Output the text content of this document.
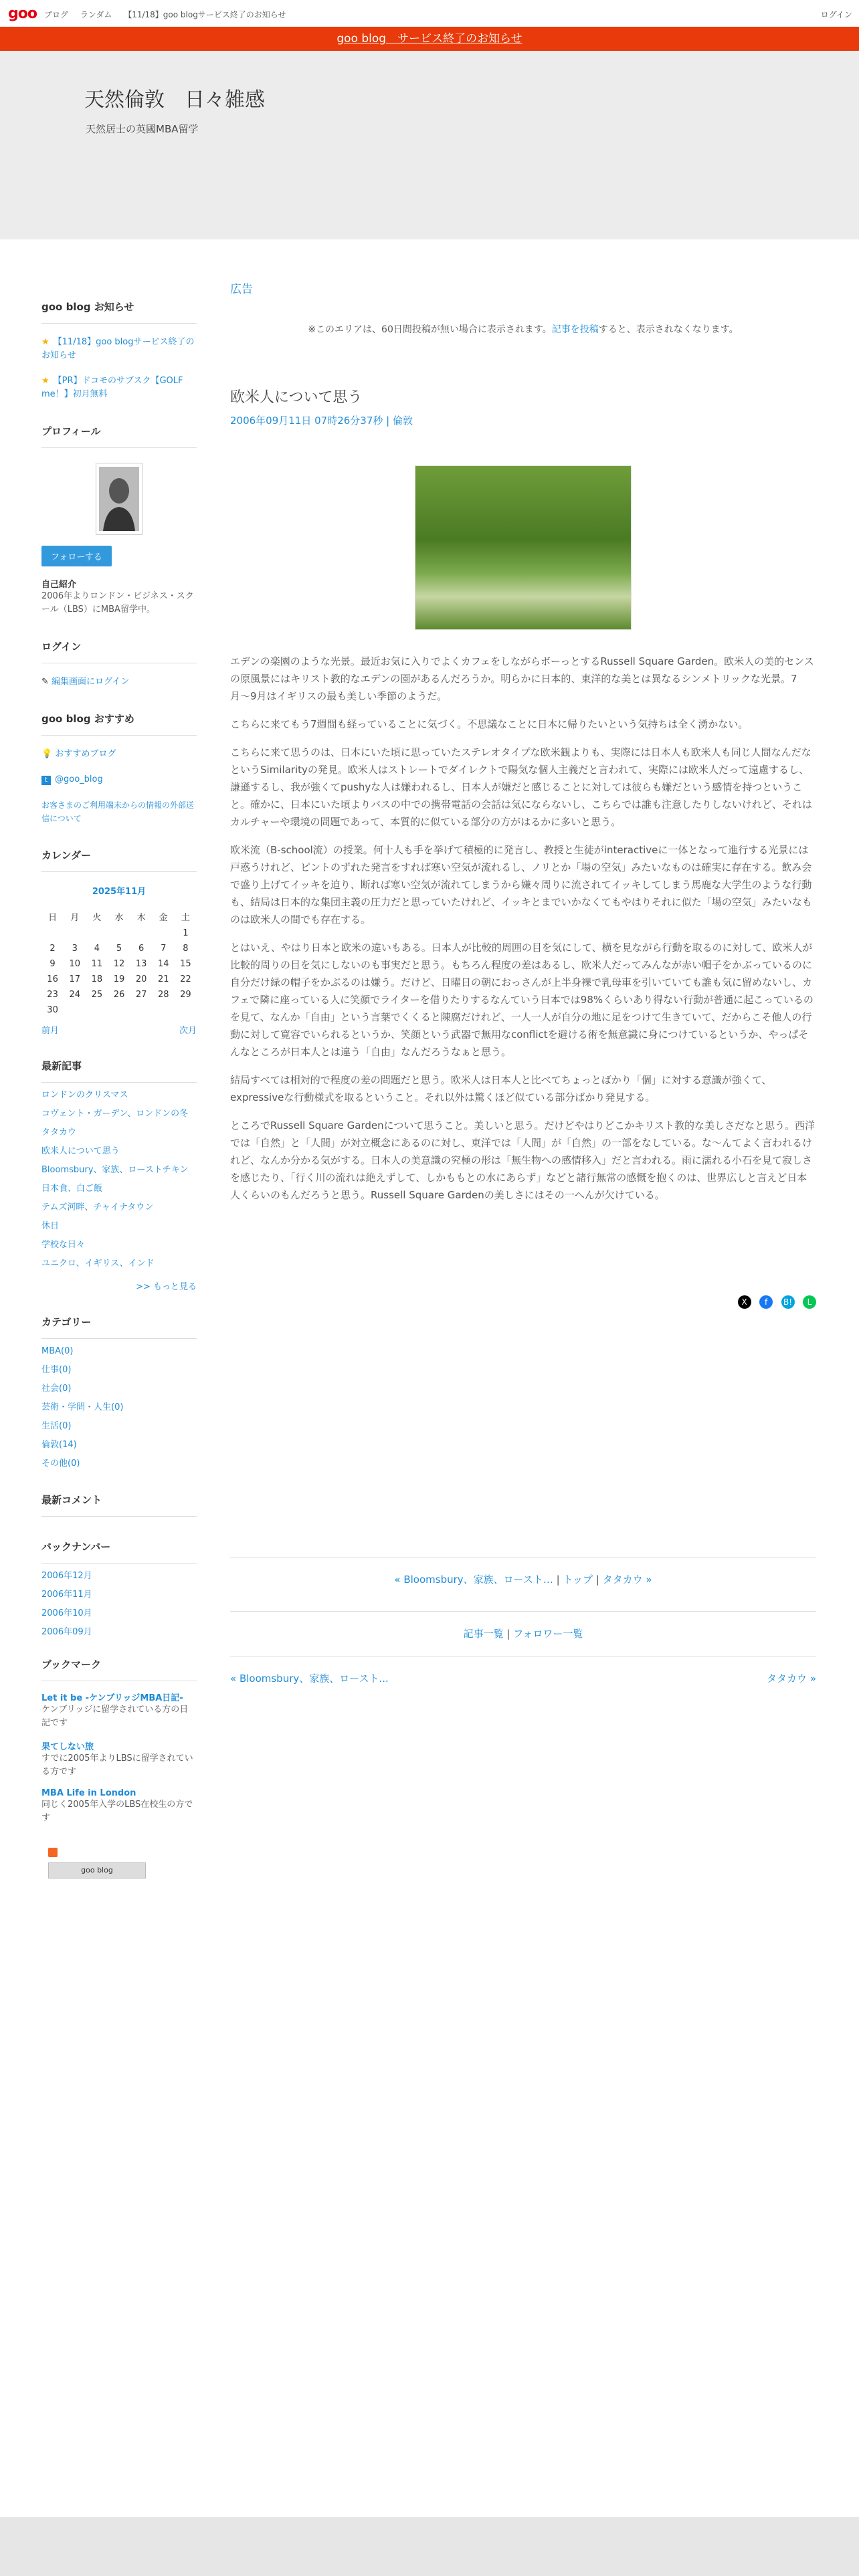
goo ブログ ランダム 【11/18】goo blogサービス終了のお知らせ	ログイン
goo blog　サービス終了のお知らせ
天然倫敦　日々雑感
天然居士の英國MBA留学
goo blog お知らせ
★ 【11/18】goo blogサービス終了のお知らせ
★ 【PR】ドコモのサブスク【GOLF me！】初月無料
プロフィール
フォローする
自己紹介
2006年よりロンドン・ビジネス・スクール（LBS）にMBA留学中。
ログイン
✎ 編集画面にログイン
goo blog おすすめ
💡 おすすめブログ
t @goo_blog
お客さまのご利用端末からの情報の外部送信について
カレンダー
2025年11月
日	月	火	水	木	金	土
						1
2	3	4	5	6	7	8
9	10	11	12	13	14	15
16	17	18	19	20	21	22
23	24	25	26	27	28	29
30						
前月	次月
最新記事
ロンドンのクリスマス
コヴェント・ガーデン、ロンドンの冬
タタカウ
欧米人について思う
Bloomsbury、家族、ローストチキン
日本食、白ご飯
テムズ河畔、チャイナタウン
休日
学校な日々
ユニクロ、イギリス、インド
>> もっと見る
カテゴリー
MBA(0)
仕事(0)
社会(0)
芸術・学問・人生(0)
生活(0)
倫敦(14)
その他(0)
最新コメント
バックナンバー
2006年12月
2006年11月
2006年10月
2006年09月
ブックマーク
Let it be -ケンブリッジMBA日記-
ケンブリッジに留学されている方の日記です
果てしない旅
すでに2005年よりLBSに留学されている方です
MBA Life in London
同じく2005年入学のLBS在校生の方です
goo blog
広告
※このエリアは、60日間投稿が無い場合に表示されます。記事を投稿すると、表示されなくなります。
欧米人について思う
2006年09月11日 07時26分37秒 | 倫敦

エデンの楽園のような光景。最近お気に入りでよくカフェをしながらボーっとするRussell Square Garden。欧米人の美的センスの原風景にはキリスト教的なエデンの園があるんだろうか。明らかに日本的、東洋的な美とは異なるシンメトリックな光景。7月〜9月はイギリスの最も美しい季節のようだ。

こちらに来てもう7週間も経っていることに気づく。不思議なことに日本に帰りたいという気持ちは全く湧かない。

こちらに来て思うのは、日本にいた頃に思っていたステレオタイプな欧米観よりも、実際には日本人も欧米人も同じ人間なんだなというSimilarityの発見。欧米人はストレートでダイレクトで陽気な個人主義だと言われて、実際には欧米人だって遠慮するし、謙遜するし、我が強くてpushyな人は嫌われるし、日本人が嫌だと感じることに対しては彼らも嫌だという感情を持つということ。確かに、日本にいた頃よりバスの中での携帯電話の会話は気にならないし、こちらでは誰も注意したりしないけれど、それはカルチャーや環境の問題であって、本質的に似ている部分の方がはるかに多いと思う。

欧米流（B-school流）の授業。何十人も手を挙げて積極的に発言し、教授と生徒がinteractiveに一体となって進行する光景には戸惑うけれど、ピントのずれた発言をすれば寒い空気が流れるし、ノリとか「場の空気」みたいなものは確実に存在する。飲み会で盛り上げてイッキを迫り、断れば寒い空気が流れてしまうから嫌々周りに流されてイッキしてしまう馬鹿な大学生のような行動も、結局は日本的な集団主義の圧力だと思っていたけれど、イッキとまでいかなくてもやはりそれに似た「場の空気」みたいなものは欧米人の間でも存在する。

とはいえ、やはり日本と欧米の違いもある。日本人が比較的周囲の目を気にして、横を見ながら行動を取るのに対して、欧米人が比較的周りの目を気にしないのも事実だと思う。もちろん程度の差はあるし、欧米人だってみんなが赤い帽子をかぶっているのに自分だけ緑の帽子をかぶるのは嫌う。だけど、日曜日の朝におっさんが上半身裸で乳母車を引いていても誰も気に留めないし、カフェで隣に座っている人に笑顔でライターを借りたりするなんていう日本では98%くらいあり得ない行動が普通に起こっているのを見て、なんか「自由」という言葉でくくると陳腐だけれど、一人一人が自分の地に足をつけて生きていて、だからこそ他人の行動に対して寛容でいられるというか、笑顔という武器で無用なconflictを避ける術を無意識に身につけているというか、やっぱそんなところが日本人とは違う「自由」なんだろうなぁと思う。

結局すべては相対的で程度の差の問題だと思う。欧米人は日本人と比べてちょっとばかり「個」に対する意識が強くて、expressiveな行動様式を取るということ。それ以外は驚くほど似ている部分ばかり発見する。

ところでRussell Square Gardenについて思うこと。美しいと思う。だけどやはりどこかキリスト教的な美しさだなと思う。西洋では「自然」と「人間」が対立概念にあるのに対し、東洋では「人間」が「自然」の一部をなしている。な〜んてよく言われるけれど、なんか分かる気がする。日本人の美意識の究極の形は「無生物への感情移入」だと言われる。雨に濡れる小石を見て寂しさを感じたり、「行く川の流れは絶えずして、しかももとの水にあらず」などと諸行無常の感慨を抱くのは、世界広しと言えど日本人くらいのもんだろうと思う。Russell Square Gardenの美しさにはその一へんが欠けている。

X f B! L
« Bloomsbury、家族、ロースト… | トップ | タタカウ »
記事一覧 | フォロワー一覧
« Bloomsbury、家族、ロースト...	タタカウ »
